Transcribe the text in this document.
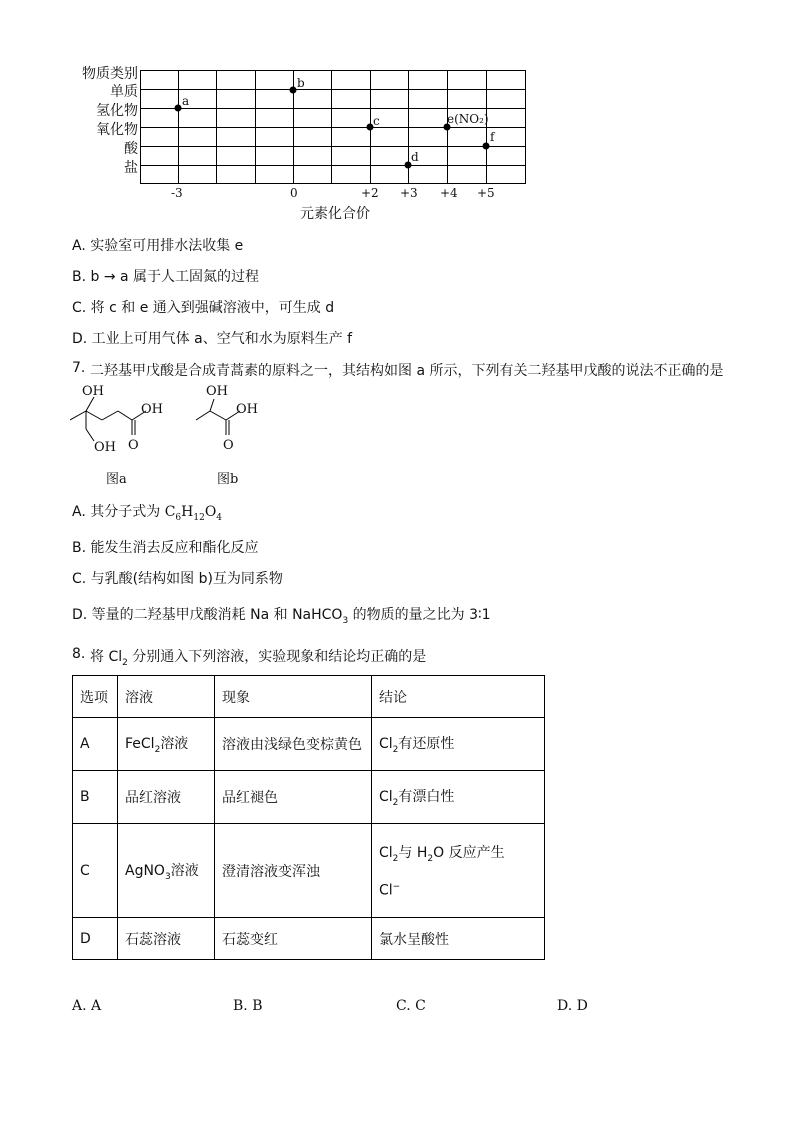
物质类别
单质
氢化物
氧化物
酸
盐
a
b
c
d
e(NO₂)
f
-3	0	+2 +3 +4 +5
元素化合价
A. 实验室可用排水法收集 e
B. b → a 属于人工固氮的过程
C. 将 c 和 e 通入到强碱溶液中，可生成 d
D. 工业上可用气体 a、空气和水为原料生产 f
7. 二羟基甲戊酸是合成青蒿素的原料之一，其结构如图 a 所示，下列有关二羟基甲戊酸的说法不正确的是
OH
OH
O
OH
图a
OH
OH
O
图b
A. 其分子式为 $C_6H_{12}O_4$
B. 能发生消去反应和酯化反应
C. 与乳酸(结构如图 b)互为同系物
D. 等量的二羟基甲戊酸消耗 Na 和 NaHCO$_3$ 的物质的量之比为 3∶1
8. 将 $Cl_2$ 分别通入下列溶液，实验现象和结论均正确的是
选项	溶液	现象	结论
A	FeCl$_2$溶液	溶液由浅绿色变棕黄色	$Cl_2$有还原性
B	品红溶液	品红褪色	$Cl_2$有漂白性
C	AgNO$_3$溶液	澄清溶液变浑浊	$Cl_2$与 $H_2O$ 反应产生
Cl−

D	石蕊溶液	石蕊变红	氯水呈酸性
A. A	B. B	C. C	D. D
